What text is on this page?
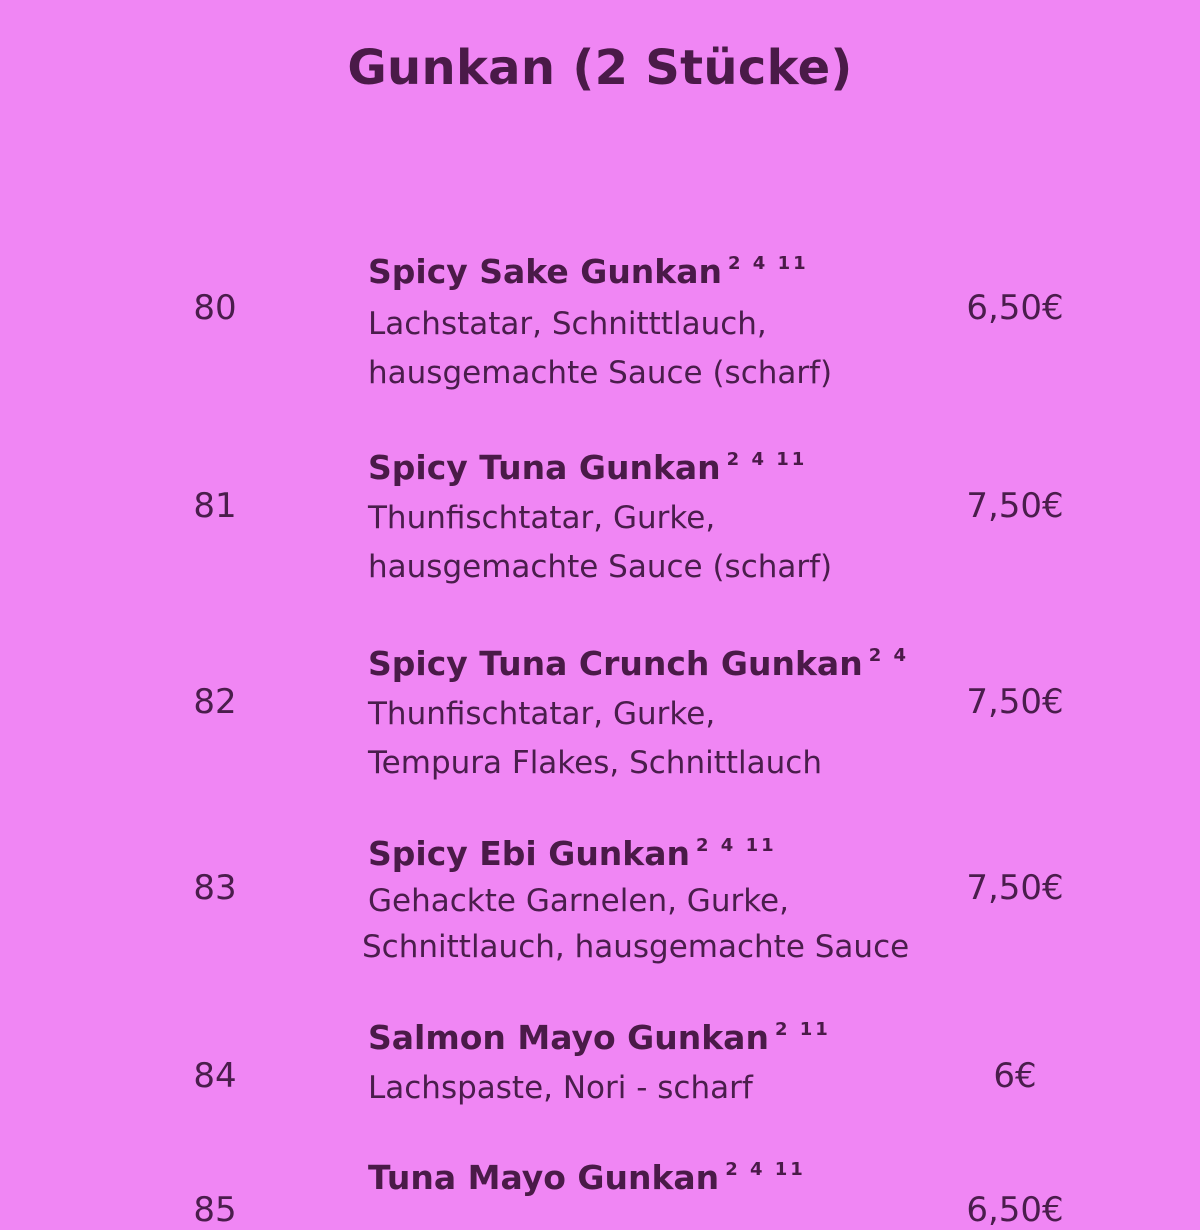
Gunkan (2 Stücke)
80
Spicy Sake Gunkan $^{2 4 11}$
Lachstatar, Schnitttlauch,
hausgemachte Sauce (scharf)
6,50€
81
Spicy Tuna Gunkan $^{2 4 11}$
Thunfischtatar, Gurke,
hausgemachte Sauce (scharf)
7,50€
82
Spicy Tuna Crunch Gunkan $^{2 4}$
Thunfischtatar, Gurke,
Tempura Flakes, Schnittlauch
7,50€
83
Spicy Ebi Gunkan $^{2 4 11}$
Gehackte Garnelen, Gurke,
Schnittlauch, hausgemachte Sauce
7,50€
84
Salmon Mayo Gunkan $^{2 11}$
Lachspaste, Nori - scharf	6€
85
Tuna Mayo Gunkan $^{2 4 11}$
6,50€
